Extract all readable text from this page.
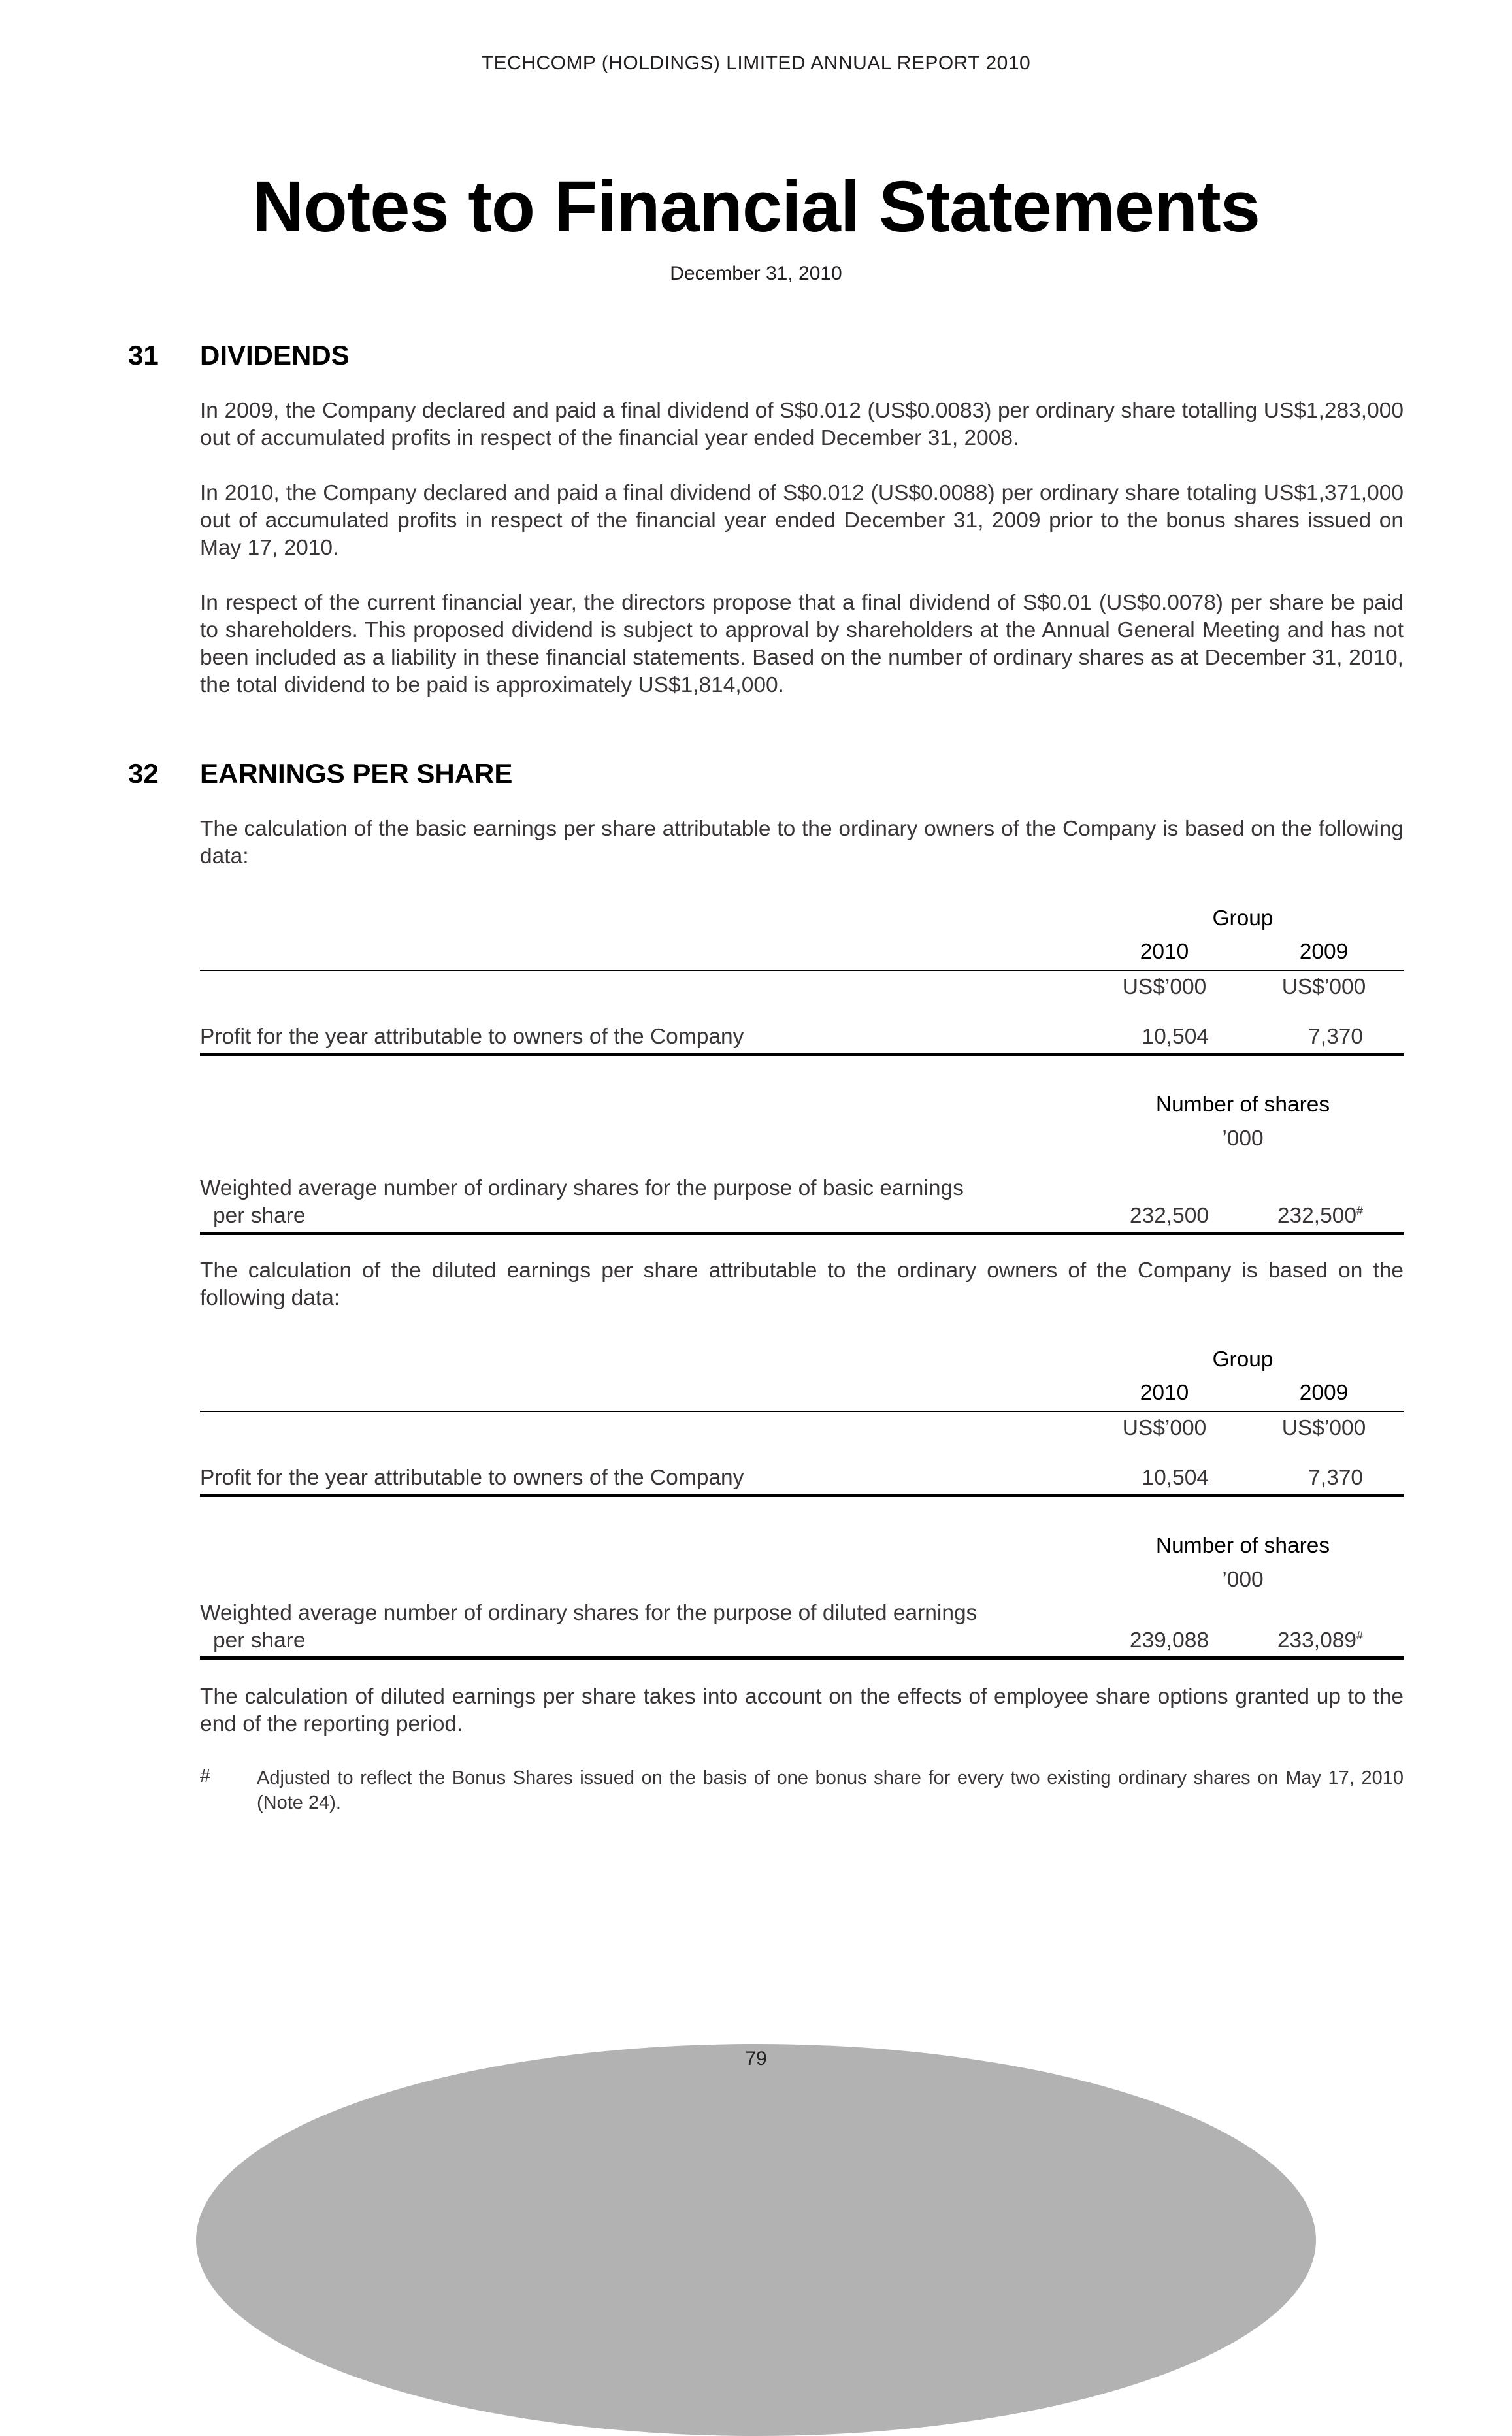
TECHCOMP (HOLDINGS) LIMITED ANNUAL REPORT 2010
Notes to Financial Statements
December 31, 2010
31 DIVIDENDS
In 2009, the Company declared and paid a final dividend of S$0.012 (US$0.0083) per ordinary share totalling US$1,283,000 out of accumulated profits in respect of the financial year ended December 31, 2008.
In 2010, the Company declared and paid a final dividend of S$0.012 (US$0.0088) per ordinary share totaling US$1,371,000 out of accumulated profits in respect of the financial year ended December 31, 2009 prior to the bonus shares issued on May 17, 2010.
In respect of the current financial year, the directors propose that a final dividend of S$0.01 (US$0.0078) per share be paid to shareholders. This proposed dividend is subject to approval by shareholders at the Annual General Meeting and has not been included as a liability in these financial statements. Based on the number of ordinary shares as at December 31, 2010, the total dividend to be paid is approximately US$1,814,000.
32 EARNINGS PER SHARE
The calculation of the basic earnings per share attributable to the ordinary owners of the Company is based on the following data:
Group
2010	2009
US$’000	US$’000
Profit for the year attributable to owners of the Company	10,504	7,370
Number of shares
’000
Weighted average number of ordinary shares for the purpose of basic earnings
per share	232,500	232,500#
The calculation of the diluted earnings per share attributable to the ordinary owners of the Company is based on the following data:
Group
2010	2009
US$’000	US$’000
Profit for the year attributable to owners of the Company	10,504	7,370
Number of shares
’000
Weighted average number of ordinary shares for the purpose of diluted earnings
per share	239,088	233,089#
The calculation of diluted earnings per share takes into account on the effects of employee share options granted up to the end of the reporting period.
# Adjusted to reflect the Bonus Shares issued on the basis of one bonus share for every two existing ordinary shares on May 17, 2010 (Note 24).
79
